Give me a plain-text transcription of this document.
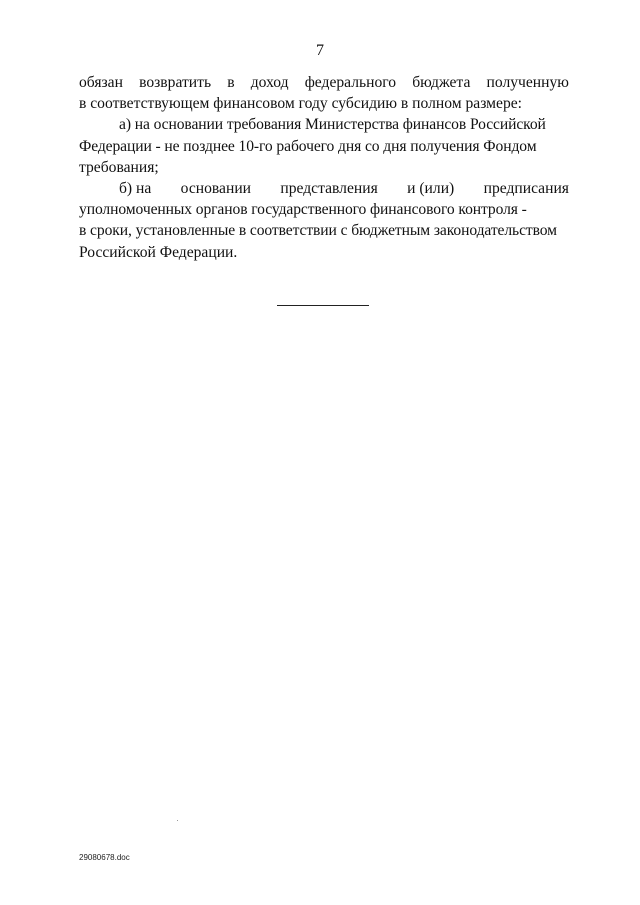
7
обязан возвратить в доход федерального бюджета полученную
в соответствующем финансовом году субсидию в полном размере:
а) на основании требования Министерства финансов Российской
Федерации - не позднее 10-го рабочего дня со дня получения Фондом
требования;
б) на основании представления и (или) предписания
уполномоченных органов государственного финансового контроля -
в сроки, установленные в соответствии с бюджетным законодательством
Российской Федерации.
29080678.doc
